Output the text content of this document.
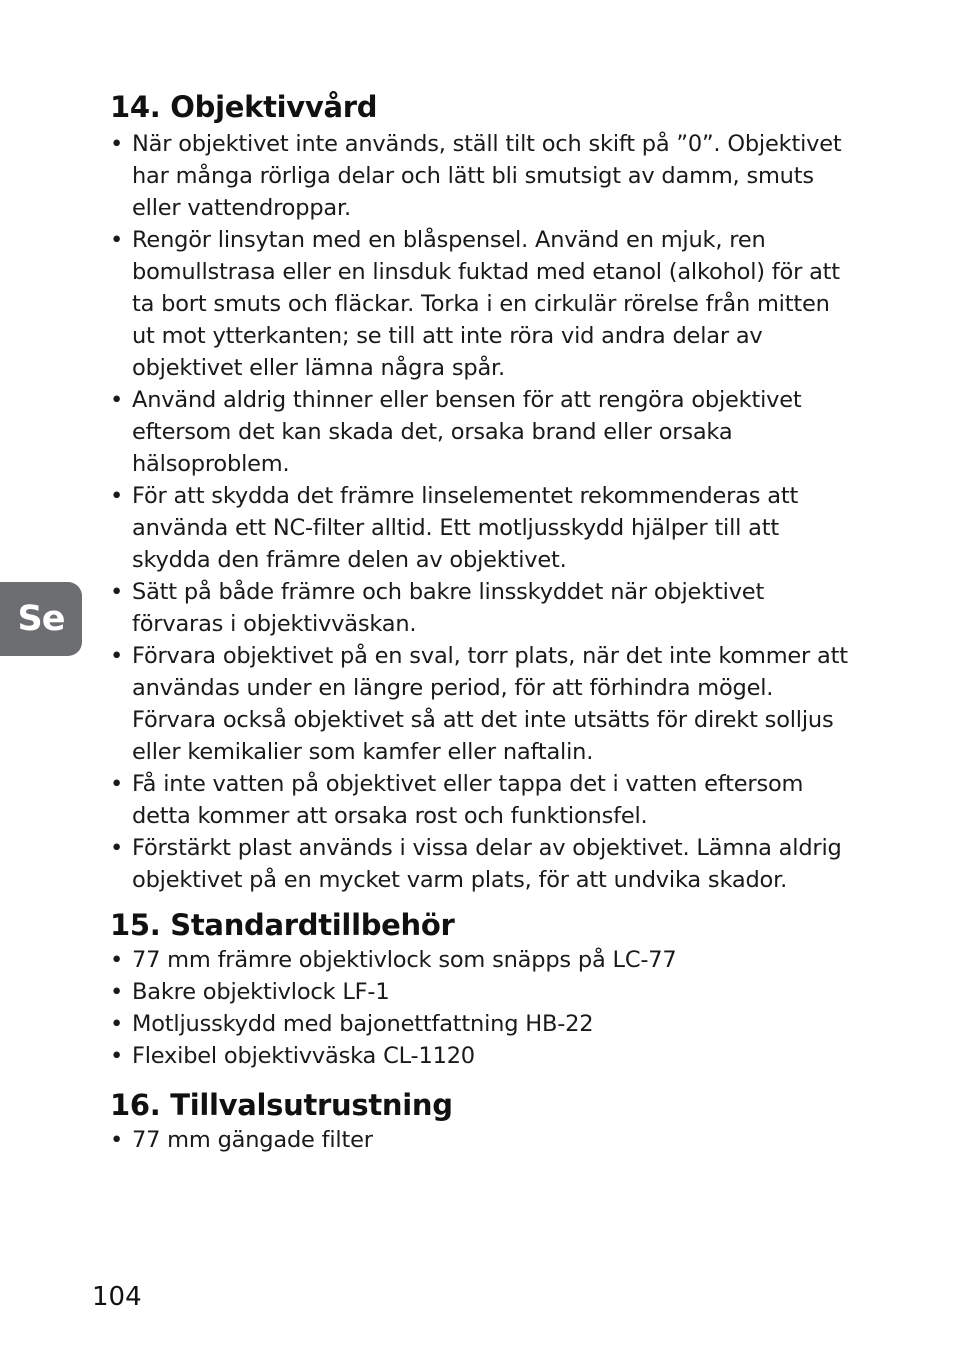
Se
14. Objektivvård
• När objektivet inte används, ställ tilt och skift på ”0”. Objektivet har många rörliga delar och lätt bli smutsigt av damm, smuts eller vattendroppar.
• Rengör linsytan med en blåspensel. Använd en mjuk, ren bomullstrasa eller en linsduk fuktad med etanol (alkohol) för att ta bort smuts och fläckar. Torka i en cirkulär rörelse från mitten ut mot ytterkanten; se till att inte röra vid andra delar av objektivet eller lämna några spår.
• Använd aldrig thinner eller bensen för att rengöra objektivet eftersom det kan skada det, orsaka brand eller orsaka hälsoproblem.
• För att skydda det främre linselementet rekommenderas att använda ett NC-filter alltid. Ett motljusskydd hjälper till att skydda den främre delen av objektivet.
• Sätt på både främre och bakre linsskyddet när objektivet förvaras i objektivväskan.
• Förvara objektivet på en sval, torr plats, när det inte kommer att användas under en längre period, för att förhindra mögel. Förvara också objektivet så att det inte utsätts för direkt solljus eller kemikalier som kamfer eller naftalin.
• Få inte vatten på objektivet eller tappa det i vatten eftersom detta kommer att orsaka rost och funktionsfel.
• Förstärkt plast används i vissa delar av objektivet. Lämna aldrig objektivet på en mycket varm plats, för att undvika skador.
15. Standardtillbehör
• 77 mm främre objektivlock som snäpps på LC-77
• Bakre objektivlock LF-1
• Motljusskydd med bajonettfattning HB-22
• Flexibel objektivväska CL-1120
16. Tillvalsutrustning
• 77 mm gängade filter
104
